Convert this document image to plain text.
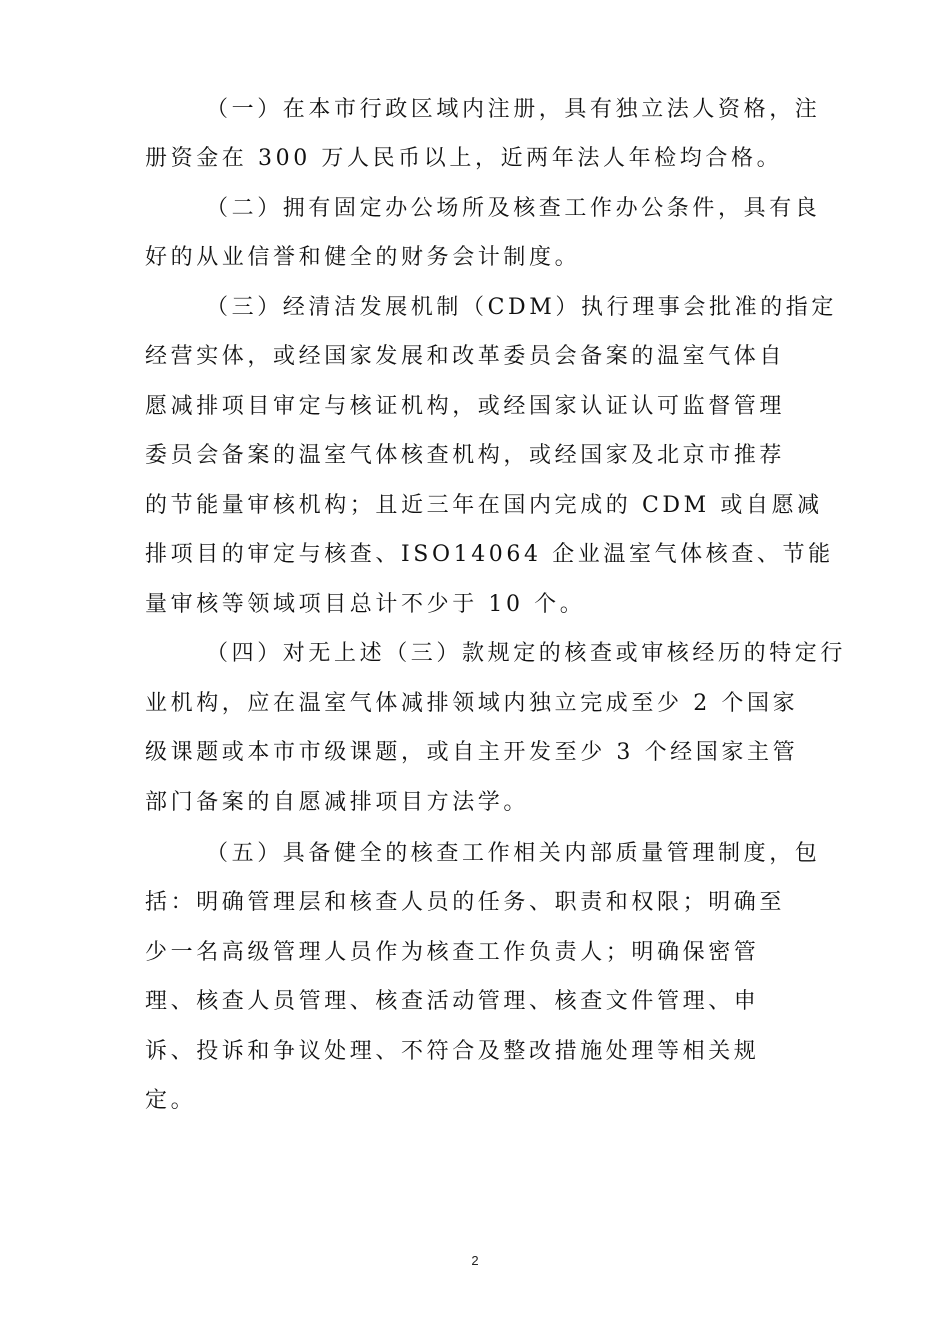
（一）在本市行政区域内注册，具有独立法人资格，注
册资金在 300 万人民币以上，近两年法人年检均合格。
（二）拥有固定办公场所及核查工作办公条件，具有良
好的从业信誉和健全的财务会计制度。
（三）经清洁发展机制（CDM）执行理事会批准的指定
经营实体，或经国家发展和改革委员会备案的温室气体自
愿减排项目审定与核证机构，或经国家认证认可监督管理
委员会备案的温室气体核查机构，或经国家及北京市推荐
的节能量审核机构；且近三年在国内完成的 CDM 或自愿减
排项目的审定与核查、ISO14064 企业温室气体核查、节能
量审核等领域项目总计不少于 10 个。
（四）对无上述（三）款规定的核查或审核经历的特定行
业机构，应在温室气体减排领域内独立完成至少 2 个国家
级课题或本市市级课题，或自主开发至少 3 个经国家主管
部门备案的自愿减排项目方法学。
（五）具备健全的核查工作相关内部质量管理制度，包
括：明确管理层和核查人员的任务、职责和权限；明确至
少一名高级管理人员作为核查工作负责人；明确保密管
理、核查人员管理、核查活动管理、核查文件管理、申
诉、投诉和争议处理、不符合及整改措施处理等相关规
定。
2
